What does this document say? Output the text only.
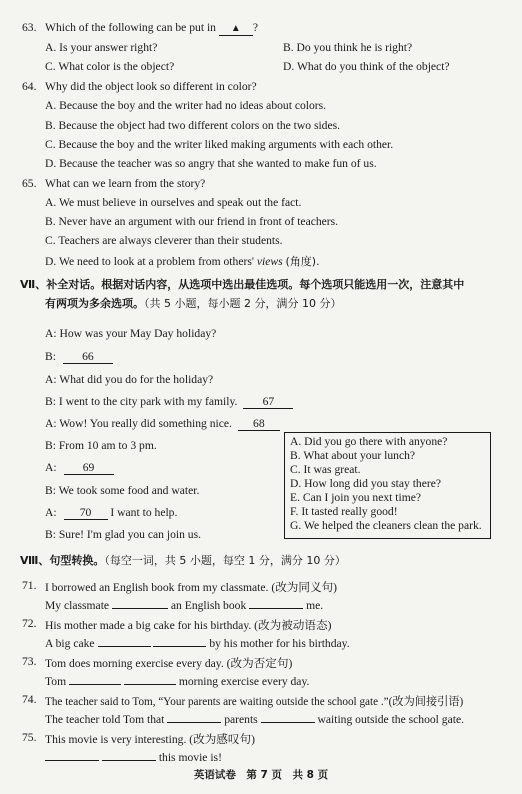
63. Which of the following can be put in ▲ ?
A. Is your answer right?	B. Do you think he is right?
C. What color is the object?	D. What do you think of the object?
64. Why did the object look so different in color?
A. Because the boy and the writer had no ideas about colors.
B. Because the object had two different colors on the two sides.
C. Because the boy and the writer liked making arguments with each other.
D. Because the teacher was so angry that she wanted to make fun of us.
65. What can we learn from the story?
A. We must believe in ourselves and speak out the fact.
B. Never have an argument with our friend in front of teachers.
C. Teachers are always cleverer than their students.
D. We need to look at a problem from others' views (角度).
Ⅶ、补全对话。根据对话内容，从选项中选出最佳选项。每个选项只能选用一次，注意其中
有两项为多余选项。（共 5 小题，每小题 2 分，满分 10 分）
A: How was your May Day holiday?
B: 66
A: What did you do for the holiday?
B: I went to the city park with my family. 67
A: Wow! You really did something nice. 68
B: From 10 am to 3 pm.
A: 69
B: We took some food and water.
A: 70 I want to help.
B: Sure! I'm glad you can join us.
A. Did you go there with anyone?
B. What about your lunch?
C. It was great.
D. How long did you stay there?
E. Can I join you next time?
F. It tasted really good!
G. We helped the cleaners clean the park.
Ⅷ、句型转换。（每空一词，共 5 小题，每空 1 分，满分 10 分）
71. I borrowed an English book from my classmate. (改为同义句)
My classmate	an English book	me.
72. His mother made a big cake for his birthday. (改为被动语态)
A big cake	by his mother for his birthday.
73. Tom does morning exercise every day. (改为否定句)
Tom	morning exercise every day.
74. The teacher said to Tom, “Your parents are waiting outside the school gate .”(改为间接引语)
The teacher told Tom that	parents	waiting outside the school gate.
75. This movie is very interesting. (改为感叹句)
this movie is!
英语试卷　第 7 页　共 8 页
